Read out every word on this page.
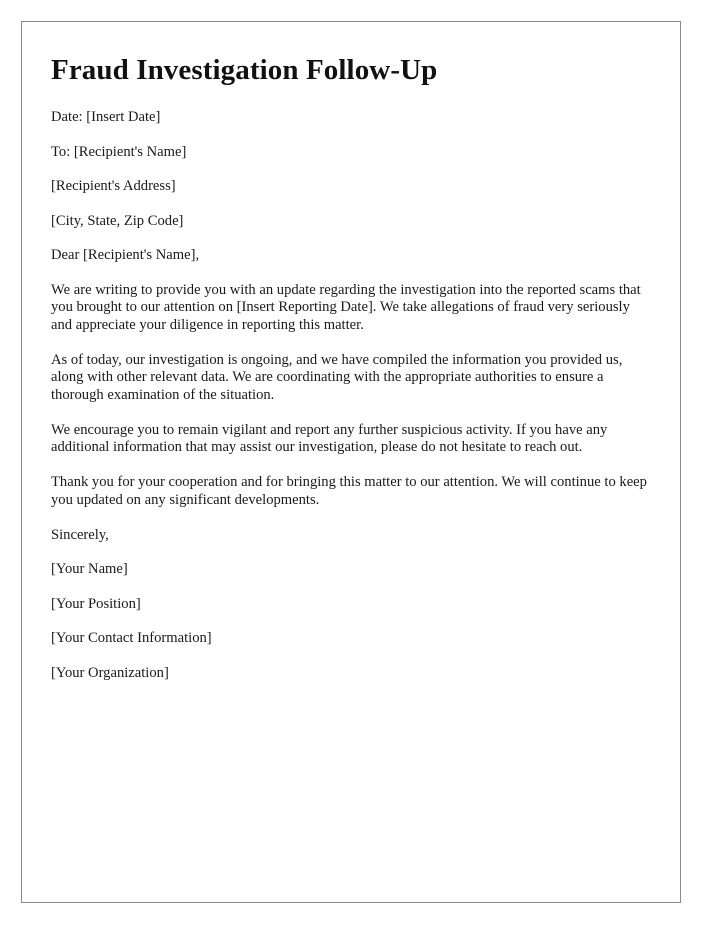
Fraud Investigation Follow-Up
Date: [Insert Date]
To: [Recipient's Name]
[Recipient's Address]
[City, State, Zip Code]
Dear [Recipient's Name],

We are writing to provide you with an update regarding the investigation into the reported scams that you brought to our attention on [Insert Reporting Date]. We take allegations of fraud very seriously and appreciate your diligence in reporting this matter.

As of today, our investigation is ongoing, and we have compiled the information you provided us, along with other relevant data. We are coordinating with the appropriate authorities to ensure a thorough examination of the situation.

We encourage you to remain vigilant and report any further suspicious activity. If you have any additional information that may assist our investigation, please do not hesitate to reach out.

Thank you for your cooperation and for bringing this matter to our attention. We will continue to keep you updated on any significant developments.

Sincerely,
[Your Name]
[Your Position]
[Your Contact Information]
[Your Organization]
